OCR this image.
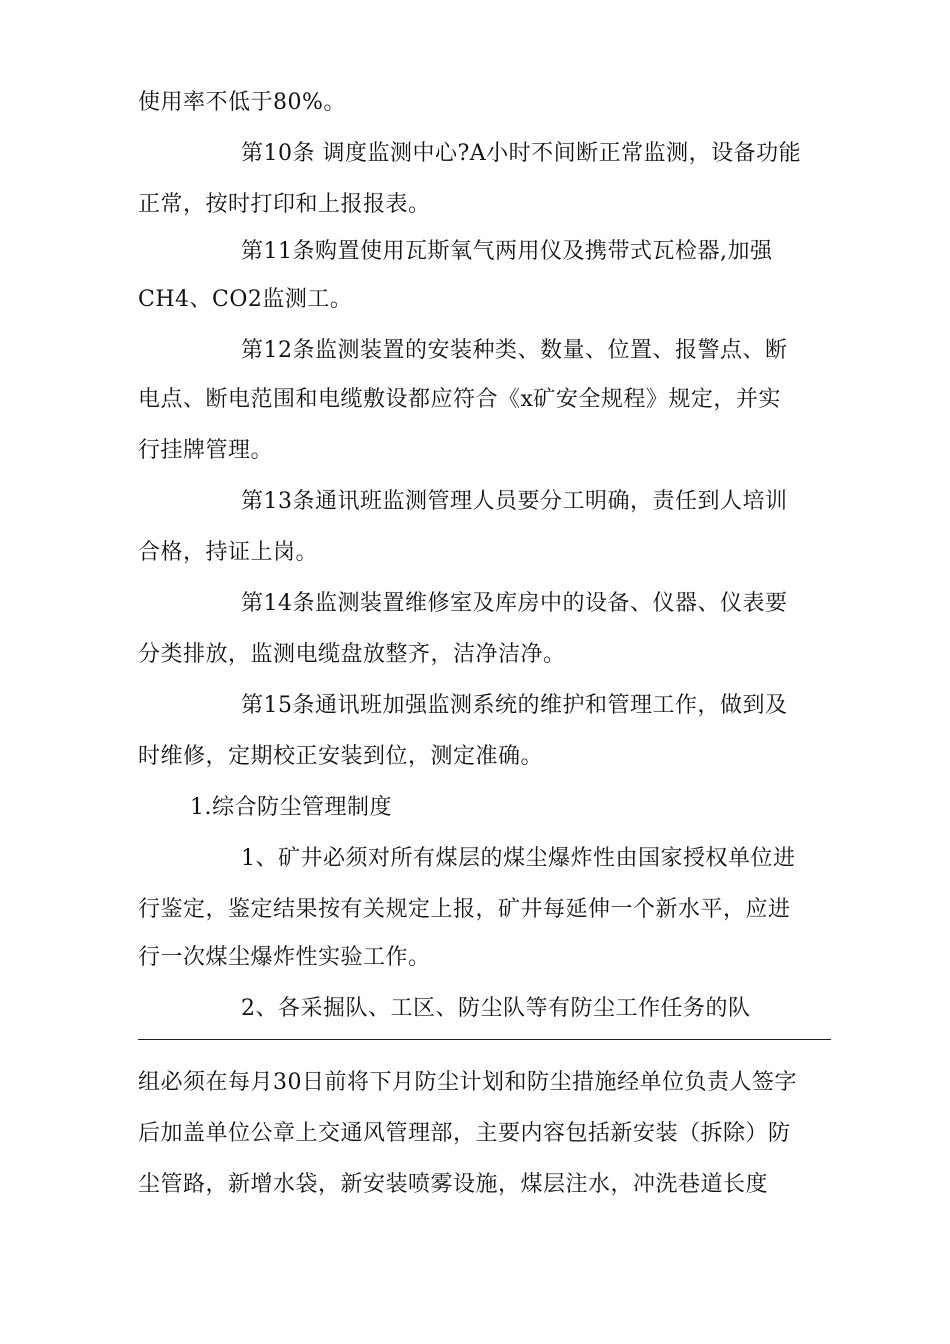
使用率不低于80%。
第10条 调度监测中心?A小时不间断正常监测，设备功能
正常，按时打印和上报报表。
第11条购置使用瓦斯氧气两用仪及携带式瓦检器,加强
CH4、CO2监测工。
第12条监测装置的安装种类、数量、位置、报警点、断
电点、断电范围和电缆敷设都应符合《x矿安全规程》规定，并实
行挂牌管理。
第13条通讯班监测管理人员要分工明确，责任到人培训
合格，持证上岗。
第14条监测装置维修室及库房中的设备、仪器、仪表要
分类排放，监测电缆盘放整齐，洁净洁净。
第15条通讯班加强监测系统的维护和管理工作，做到及
时维修，定期校正安装到位，测定准确。
1.综合防尘管理制度
1、矿井必须对所有煤层的煤尘爆炸性由国家授权单位进
行鉴定，鉴定结果按有关规定上报，矿井每延伸一个新水平，应进
行一次煤尘爆炸性实验工作。
2、各采掘队、工区、防尘队等有防尘工作任务的队
组必须在每月30日前将下月防尘计划和防尘措施经单位负责人签字
后加盖单位公章上交通风管理部，主要内容包括新安装（拆除）防
尘管路，新增水袋，新安装喷雾设施，煤层注水，冲洗巷道长度
